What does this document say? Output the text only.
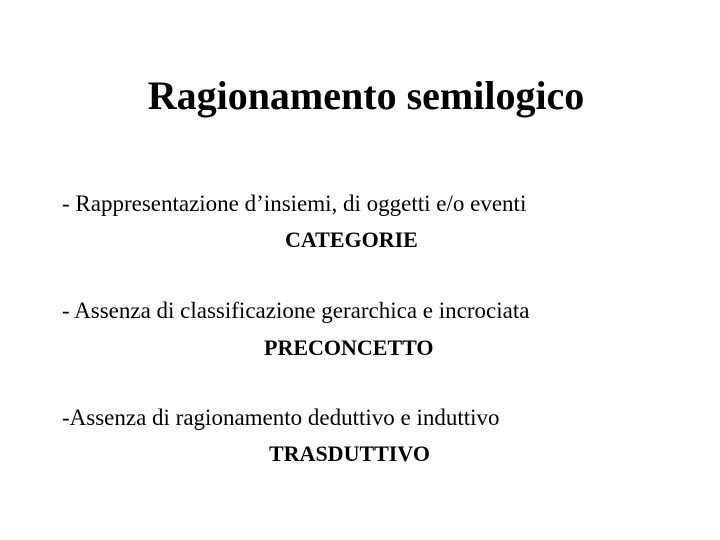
Ragionamento semilogico
- Rappresentazione d’insiemi, di oggetti e/o eventi
CATEGORIE
- Assenza di classificazione gerarchica e incrociata
PRECONCETTO
-Assenza di ragionamento deduttivo e induttivo
TRASDUTTIVO
